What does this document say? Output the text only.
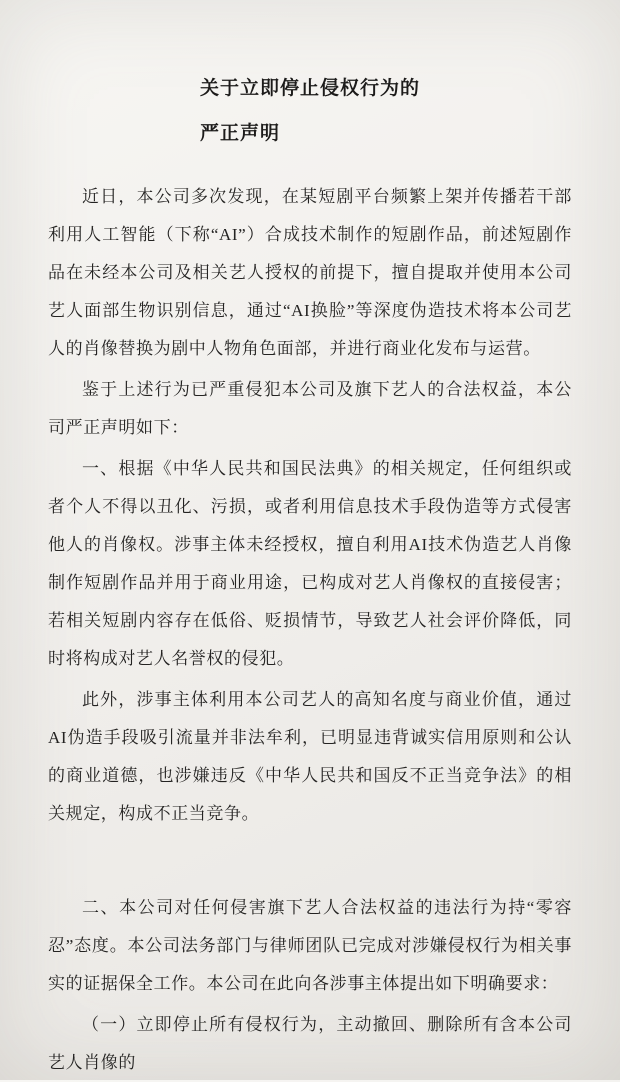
关于立即停止侵权行为的
严正声明

近日，本公司多次发现，在某短剧平台频繁上架并传播若干部利用人工智能（下称“AI”）合成技术制作的短剧作品，前述短剧作品在未经本公司及相关艺人授权的前提下，擅自提取并使用本公司艺人面部生物识别信息，通过“AI换脸”等深度伪造技术将本公司艺人的肖像替换为剧中人物角色面部，并进行商业化发布与运营。

鉴于上述行为已严重侵犯本公司及旗下艺人的合法权益，本公司严正声明如下：

一、根据《中华人民共和国民法典》的相关规定，任何组织或者个人不得以丑化、污损，或者利用信息技术手段伪造等方式侵害他人的肖像权。涉事主体未经授权，擅自利用AI技术伪造艺人肖像制作短剧作品并用于商业用途，已构成对艺人肖像权的直接侵害；若相关短剧内容存在低俗、贬损情节，导致艺人社会评价降低，同时将构成对艺人名誉权的侵犯。

此外，涉事主体利用本公司艺人的高知名度与商业价值，通过AI伪造手段吸引流量并非法牟利，已明显违背诚实信用原则和公认的商业道德，也涉嫌违反《中华人民共和国反不正当竞争法》的相关规定，构成不正当竞争。

二、本公司对任何侵害旗下艺人合法权益的违法行为持“零容忍”态度。本公司法务部门与律师团队已完成对涉嫌侵权行为相关事实的证据保全工作。本公司在此向各涉事主体提出如下明确要求：

（一）立即停止所有侵权行为，主动撤回、删除所有含本公司艺人肖像的
